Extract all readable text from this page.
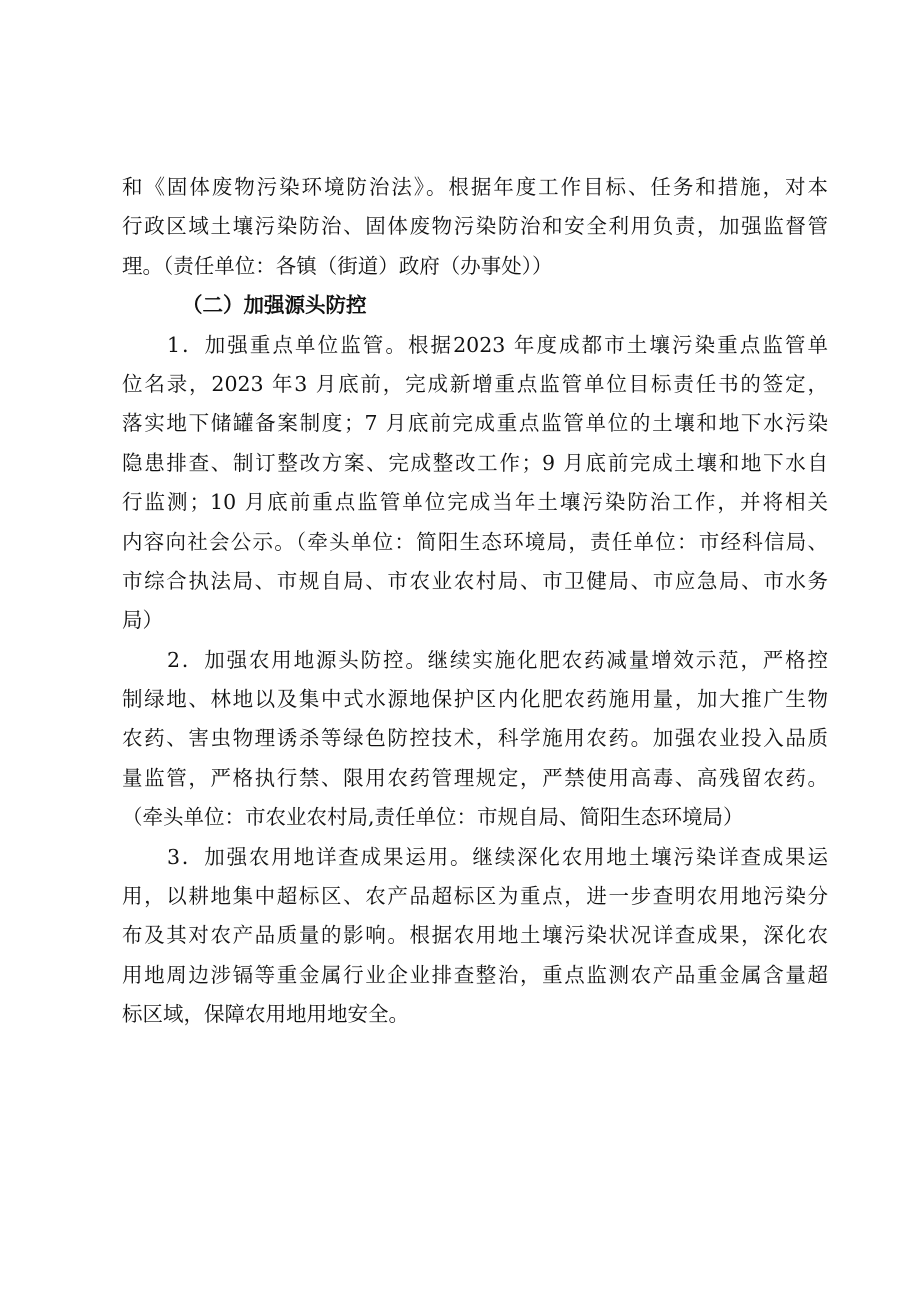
和《固体废物污染环境防治法》。根据年度工作目标、任务和措施，对本
行政区域土壤污染防治、固体废物污染防治和安全利用负责，加强监督管
理。（责任单位：各镇（街道）政府（办事处））
（二）加强源头防控
1．加强重点单位监管。根据2023 年度成都市土壤污染重点监管单
位名录，2023 年3 月底前，完成新增重点监管单位目标责任书的签定，
落实地下储罐备案制度；7 月底前完成重点监管单位的土壤和地下水污染
隐患排查、制订整改方案、完成整改工作；9 月底前完成土壤和地下水自
行监测；10 月底前重点监管单位完成当年土壤污染防治工作，并将相关
内容向社会公示。（牵头单位：简阳生态环境局，责任单位：市经科信局、
市综合执法局、市规自局、市农业农村局、市卫健局、市应急局、市水务
局）
2．加强农用地源头防控。继续实施化肥农药减量增效示范，严格控
制绿地、林地以及集中式水源地保护区内化肥农药施用量，加大推广生物
农药、害虫物理诱杀等绿色防控技术，科学施用农药。加强农业投入品质
量监管，严格执行禁、限用农药管理规定，严禁使用高毒、高残留农药。
（牵头单位：市农业农村局,责任单位：市规自局、简阳生态环境局）
3．加强农用地详查成果运用。继续深化农用地土壤污染详查成果运
用，以耕地集中超标区、农产品超标区为重点，进一步查明农用地污染分
布及其对农产品质量的影响。根据农用地土壤污染状况详查成果，深化农
用地周边涉镉等重金属行业企业排查整治，重点监测农产品重金属含量超
标区域，保障农用地用地安全。
